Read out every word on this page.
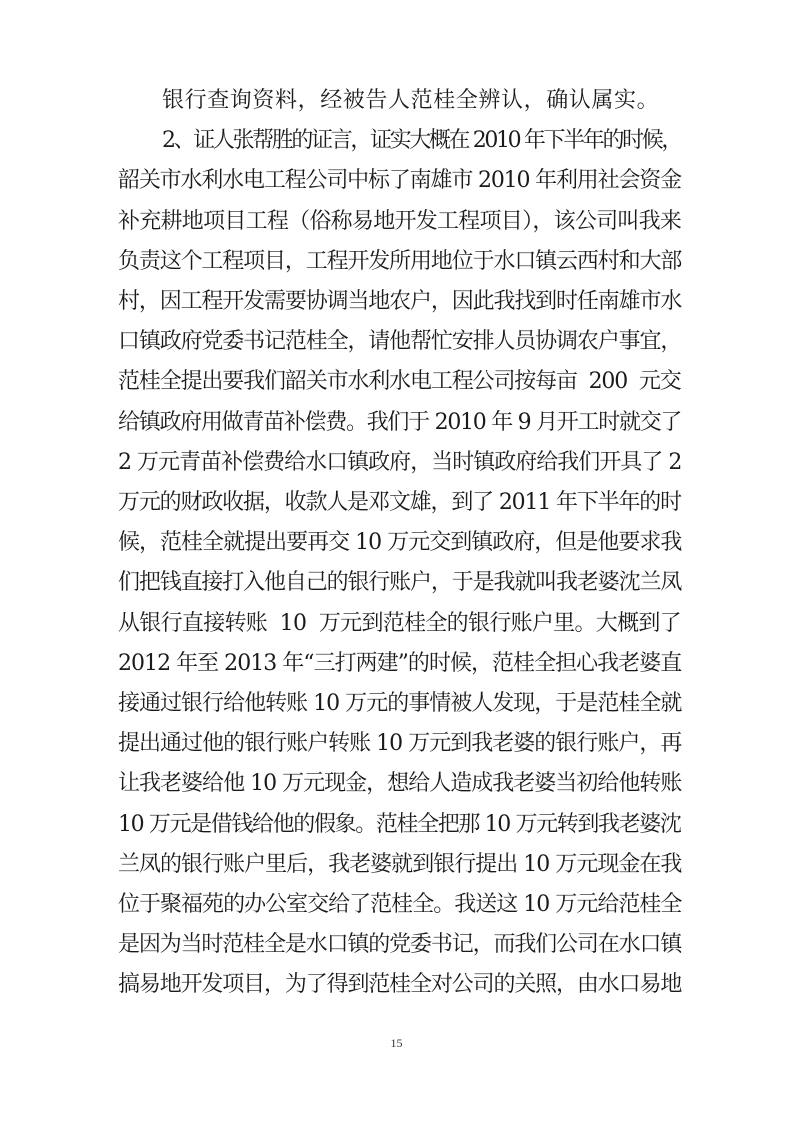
银行查询资料，经被告人范桂全辨认，确认属实。
2、证人张帮胜的证言，证实大概在 2010 年下半年的时候，
韶关市水利水电工程公司中标了南雄市 2010 年利用社会资金
补充耕地项目工程（俗称易地开发工程项目），该公司叫我来
负责这个工程项目，工程开发所用地位于水口镇云西村和大部
村，因工程开发需要协调当地农户，因此我找到时任南雄市水
口镇政府党委书记范桂全，请他帮忙安排人员协调农户事宜，
范桂全提出要我们韶关市水利水电工程公司按每亩  200  元交
给镇政府用做青苗补偿费。我们于 2010 年 9 月开工时就交了
2 万元青苗补偿费给水口镇政府，当时镇政府给我们开具了 2
万元的财政收据，收款人是邓文雄，到了 2011 年下半年的时
候，范桂全就提出要再交 10 万元交到镇政府，但是他要求我
们把钱直接打入他自己的银行账户，于是我就叫我老婆沈兰凤
从银行直接转账  10  万元到范桂全的银行账户里。大概到了
2012 年至 2013 年“三打两建”的时候，范桂全担心我老婆直
接通过银行给他转账 10 万元的事情被人发现，于是范桂全就
提出通过他的银行账户转账 10 万元到我老婆的银行账户，再
让我老婆给他 10 万元现金，想给人造成我老婆当初给他转账
10 万元是借钱给他的假象。范桂全把那 10 万元转到我老婆沈
兰凤的银行账户里后，我老婆就到银行提出 10 万元现金在我
位于聚福苑的办公室交给了范桂全。我送这 10 万元给范桂全
是因为当时范桂全是水口镇的党委书记，而我们公司在水口镇
搞易地开发项目，为了得到范桂全对公司的关照，由水口易地
15
